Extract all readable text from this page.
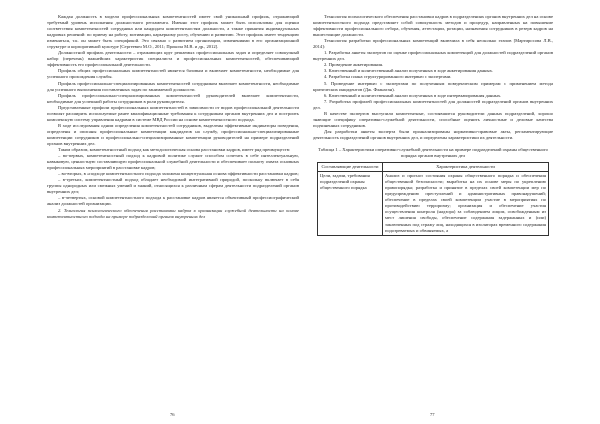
Каждая должность в модели профессиональных компетентностей имеет свой уникальный профиль, отражающий требуемый уровень исполнения должностного регламента. Именно этот профиль может быть использован для оценки соответствия компетентностей сотрудника или кандидата компетентностям должности, а также принятия индивидуальных кадровых решений: по приему на работу, мотивации, карьерному росту, обучению и развитию. Этот профиль имеет тенденцию изменяться, т.к. он может быть спецификой. Это связано с развитием организации, изменениями в его организационной структуре и корпоративной культуре [Сергеевич М.О., 2011; Прокопа М.В. и др., 2012].

Должностной профиль деятельности – отражающих круг решаемых профессиональных задач и определяет совокупный набор (перечень) важнейших характеристик специалиста и профессиональных компетентностей, обеспечивающий эффективность его профессиональной деятельности.

Профиль общих профессиональных компетентностей является базовым и включает компетентности, необходимые для успешного прохождения службы.

Профиль профессионально-специализированных компетентностей сотрудником включает компетентности, необходимые для успешного выполнения поставленных задач по занимаемой должности.

Профиль профессионально-специализированных компетентностей руководителей включает компетентности, необходимые для успешной работы сотрудников в роли руководителя.

Представленные профили профессиональных компетентностей в зависимости от видов профессиональной деятельности позволят расширить используемые ранее квалификационные требования к сотрудникам органов внутренних дел и построить комплексную систему управления кадрами в системе МВД России на основе компетентностного подхода.

В ходе исследования одним определения компетентностей сотрудников, выделены эффективные индикаторы поведения, определены и описаны профессиональные компетенции кандидатов на службу, профессионально-специализированные компетенции сотрудников и профессионально-специализированные компетенции руководителей на примере подразделений органов внутренних дел.

Таким образом, компетентностный подход как методологическая основа расстановки кадров, имеет ряд преимуществ:

– во-первых, компетентностный подход к кадровой политике служит способом сочетать в себе интеллектуальную, навыковую, ценностную составляющую профессиональной служебной деятельности и обеспечивает полноту охвата основных профессиональных мероприятий в расстановке кадров;

– во-вторых, в «подходе компетентностного подхода заложена концептуальная основа эффективности расстановки кадров;

– в-третьих, компетентностный подход обладает необходимой интегративной природой, поскольку включает в себя группы однородных или смежных умений и знаний, относящихся к различным сферам деятельности подразделений органов внутренних дел;

– в-четвертых, основой компетентностного подхода к расстановке кадров является объективный профессиографический анализ должностей организации.

2. Технология психологического обеспечения расстановки кадров в организации служебной деятельности на основе компетентностного подхода на примере подразделений органов внутренних дел

76

Технология психологического обеспечения расстановки кадров в подразделениях органов внутренних дел на основе компетентностного подхода представляет собой совокупность методов и процедур, направленных на повышение эффективности профессионального отбора, обучения, аттестации, ротации, назначения сотрудников в резерв кадров на вышестоящие должности.

Технология разработки профессиональных компетенций включила в себя несколько этапов [Мартиросова Л.В., 2014]:

1. Разработка анкеты экспертов по оценке профессиональных компетенций для должностей подразделений органов внутренних дел.

2. Проведение анкетирования.

3. Качественный и количественный анализ полученных в ходе анкетирования данных.

4. Разработка плана структурированного интервью с экспертами.

5. Проведение интервью с экспертами по полученным поведенческим примерам с применением метода критических инцидентов (Дж. Фланаган).

6. Качественный и количественный анализ полученных в ходе интервьюирования данных.

7. Разработка профилей профессиональных компетентностей для должностей подразделений органов внутренних дел.

В качестве экспертов выступили компетентные, состоявшиеся руководители данных подразделений, хорошо знающие специфику оперативно-служебной деятельности, способные оценить личностные и деловые качества подчиненных сотрудников.

Для разработки анкеты эксперта были проанализированы нормативно-правовые акты, регламентирующие деятельность подразделений органов внутренних дел, и определены характеристики их деятельности.

Таблица 1 – Характеристики оперативно-служебной деятельности на примере подразделений охраны общественного порядка органов внутренних дел

Составляющие деятельности	Характеристика деятельности
Цели, задачи, требования подразделений охраны общественного порядка	Анализ и прогноз состояния охраны общественного порядка и обеспечения общественной безопасности; выработка на их основе меры по укреплению правопорядка; разработка и принятие в пределах своей компетенции мер по предупреждению преступлений и административных правонарушений; обеспечение в пределах своей компетенции участие в мероприятиях по противодействию терроризму; организация и обеспечение участия осуществления контроля (надзора) за соблюдением лицом, освобожденным из мест лишения свободы, обеспечение содержания задержанных и (или) заключенных под стражу лиц, находящихся в изоляторах временного содержания подозреваемых и обвиняемых, а
77
